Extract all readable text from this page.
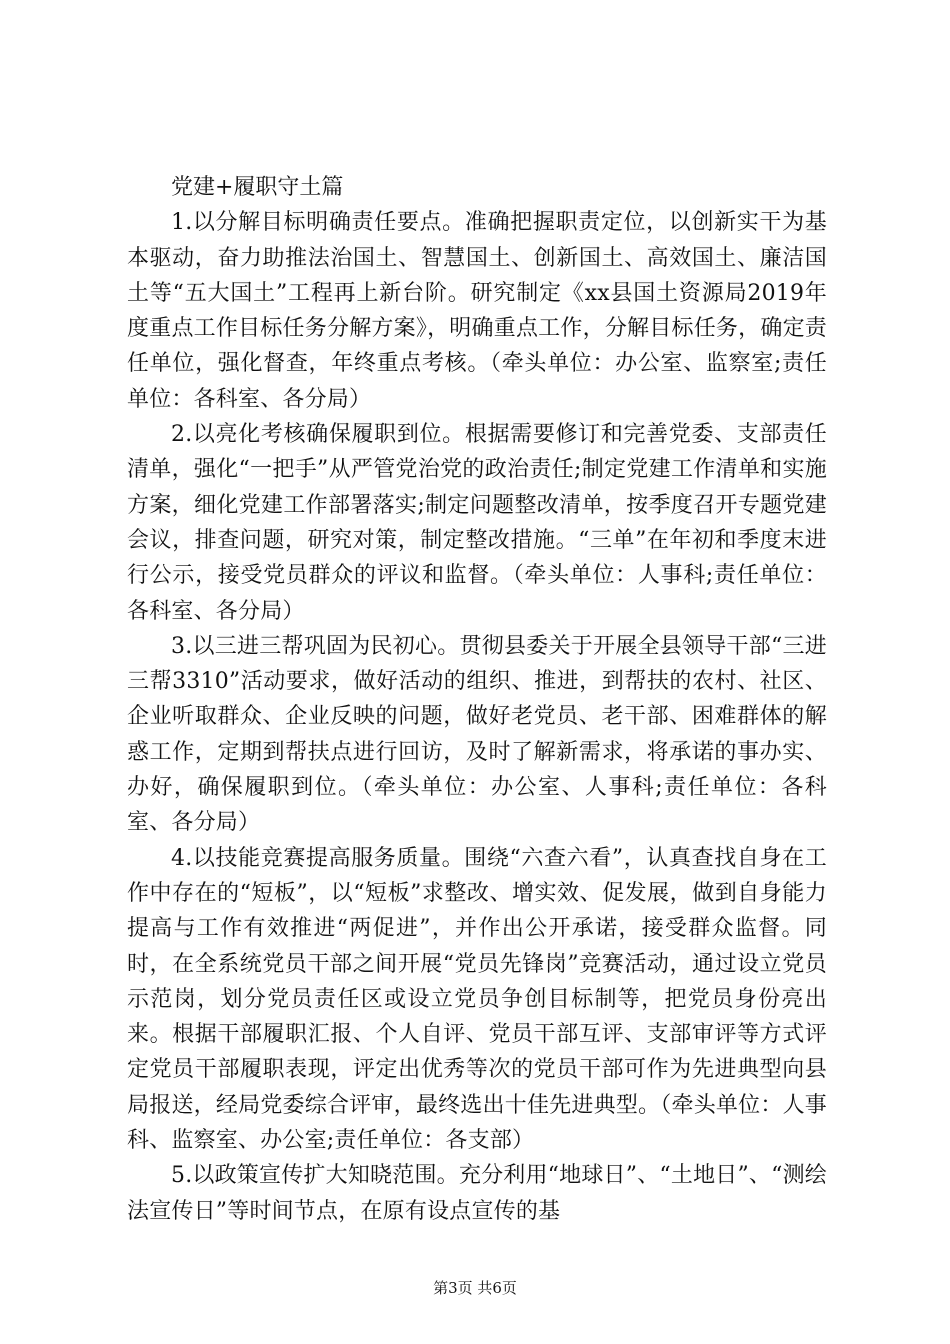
党建+履职守土篇

1.以分解目标明确责任要点。准确把握职责定位，以创新实干为基本驱动，奋力助推法治国土、智慧国土、创新国土、高效国土、廉洁国土等“五大国土”工程再上新台阶。研究制定《xx县国土资源局2019年度重点工作目标任务分解方案》，明确重点工作，分解目标任务，确定责任单位，强化督查，年终重点考核。（牵头单位：办公室、监察室;责任单位：各科室、各分局）

2.以亮化考核确保履职到位。根据需要修订和完善党委、支部责任清单，强化“一把手”从严管党治党的政治责任;制定党建工作清单和实施方案，细化党建工作部署落实;制定问题整改清单，按季度召开专题党建会议，排查问题，研究对策，制定整改措施。“三单”在年初和季度末进行公示，接受党员群众的评议和监督。（牵头单位：人事科;责任单位：各科室、各分局）

3.以三进三帮巩固为民初心。贯彻县委关于开展全县领导干部“三进三帮3310”活动要求，做好活动的组织、推进，到帮扶的农村、社区、企业听取群众、企业反映的问题，做好老党员、老干部、困难群体的解惑工作，定期到帮扶点进行回访，及时了解新需求，将承诺的事办实、办好，确保履职到位。（牵头单位：办公室、人事科;责任单位：各科室、各分局）

4.以技能竞赛提高服务质量。围绕“六查六看”，认真查找自身在工作中存在的“短板”，以“短板”求整改、增实效、促发展，做到自身能力提高与工作有效推进“两促进”，并作出公开承诺，接受群众监督。同时，在全系统党员干部之间开展“党员先锋岗”竞赛活动，通过设立党员示范岗，划分党员责任区或设立党员争创目标制等，把党员身份亮出来。根据干部履职汇报、个人自评、党员干部互评、支部审评等方式评定党员干部履职表现，评定出优秀等次的党员干部可作为先进典型向县局报送，经局党委综合评审，最终选出十佳先进典型。（牵头单位：人事科、监察室、办公室;责任单位：各支部）

5.以政策宣传扩大知晓范围。充分利用“地球日”、“土地日”、“测绘法宣传日”等时间节点，在原有设点宣传的基

第3页 共6页
